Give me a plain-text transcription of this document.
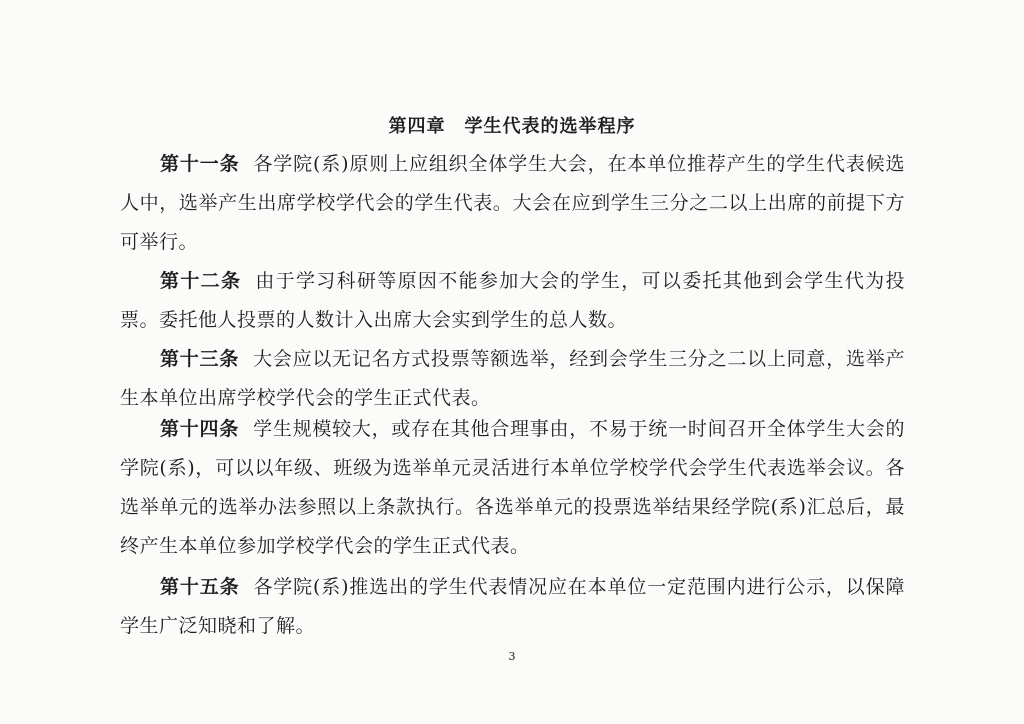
第四章　学生代表的选举程序

第十一条 各学院(系)原则上应组织全体学生大会，在本单位推荐产生的学生代表候选人中，选举产生出席学校学代会的学生代表。大会在应到学生三分之二以上出席的前提下方可举行。

第十二条 由于学习科研等原因不能参加大会的学生，可以委托其他到会学生代为投票。委托他人投票的人数计入出席大会实到学生的总人数。

第十三条 大会应以无记名方式投票等额选举，经到会学生三分之二以上同意，选举产生本单位出席学校学代会的学生正式代表。

第十四条 学生规模较大，或存在其他合理事由，不易于统一时间召开全体学生大会的学院(系)，可以以年级、班级为选举单元灵活进行本单位学校学代会学生代表选举会议。各选举单元的选举办法参照以上条款执行。各选举单元的投票选举结果经学院(系)汇总后，最终产生本单位参加学校学代会的学生正式代表。

第十五条 各学院(系)推选出的学生代表情况应在本单位一定范围内进行公示，以保障学生广泛知晓和了解。

3
